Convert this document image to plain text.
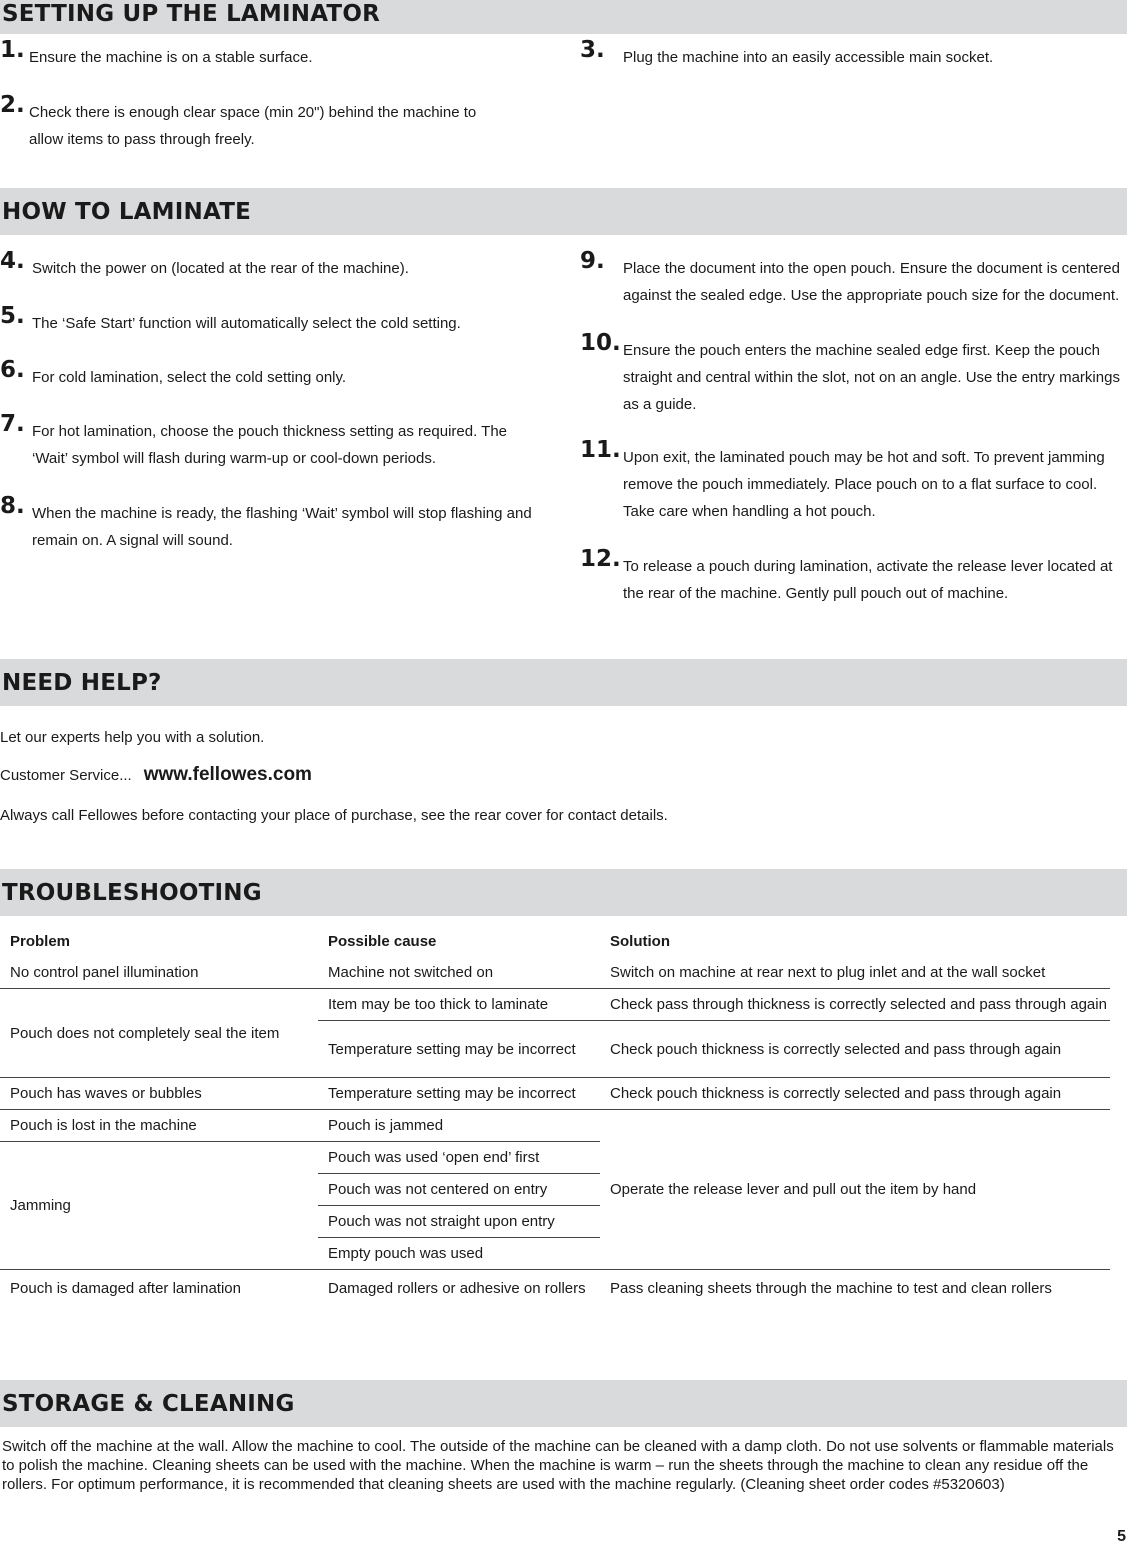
SETTING UP THE LAMINATOR
1. Ensure the machine is on a stable surface.
2. Check there is enough clear space (min 20") behind the machine to allow items to pass through freely.
3. Plug the machine into an easily accessible main socket.
HOW TO LAMINATE
4. Switch the power on (located at the rear of the machine).
5. The ‘Safe Start’ function will automatically select the cold setting.
6. For cold lamination, select the cold setting only.
7. For hot lamination, choose the pouch thickness setting as required. The ‘Wait’ symbol will flash during warm-up or cool-down periods.
8. When the machine is ready, the flashing ‘Wait’ symbol will stop flashing and remain on. A signal will sound.
9. Place the document into the open pouch. Ensure the document is centered against the sealed edge. Use the appropriate pouch size for the document.
10. Ensure the pouch enters the machine sealed edge first. Keep the pouch straight and central within the slot, not on an angle. Use the entry markings as a guide.
11. Upon exit, the laminated pouch may be hot and soft. To prevent jamming remove the pouch immediately. Place pouch on to a flat surface to cool. Take care when handling a hot pouch.
12. To release a pouch during lamination, activate the release lever located at the rear of the machine. Gently pull pouch out of machine.
NEED HELP?
Let our experts help you with a solution.
Customer Service... www.fellowes.com
Always call Fellowes before contacting your place of purchase, see the rear cover for contact details.
TROUBLESHOOTING
Problem	Possible cause	Solution
No control panel illumination	Machine not switched on	Switch on machine at rear next to plug inlet and at the wall socket
Pouch does not completely seal the item	Item may be too thick to laminate	Check pass through thickness is correctly selected and pass through again
	Temperature setting may be incorrect	Check pouch thickness is correctly selected and pass through again
Pouch has waves or bubbles	Temperature setting may be incorrect	Check pouch thickness is correctly selected and pass through again
Pouch is lost in the machine	Pouch is jammed	Operate the release lever and pull out the item by hand
Jamming	Pouch was used ‘open end’ first	
	Pouch was not centered on entry	
	Pouch was not straight upon entry	
	Empty pouch was used	
Pouch is damaged after lamination	Damaged rollers or adhesive on rollers	Pass cleaning sheets through the machine to test and clean rollers
STORAGE & CLEANING
Switch off the machine at the wall. Allow the machine to cool. The outside of the machine can be cleaned with a damp cloth. Do not use solvents or flammable materials to polish the machine. Cleaning sheets can be used with the machine. When the machine is warm – run the sheets through the machine to clean any residue off the rollers. For optimum performance, it is recommended that cleaning sheets are used with the machine regularly. (Cleaning sheet order codes #5320603)
5
